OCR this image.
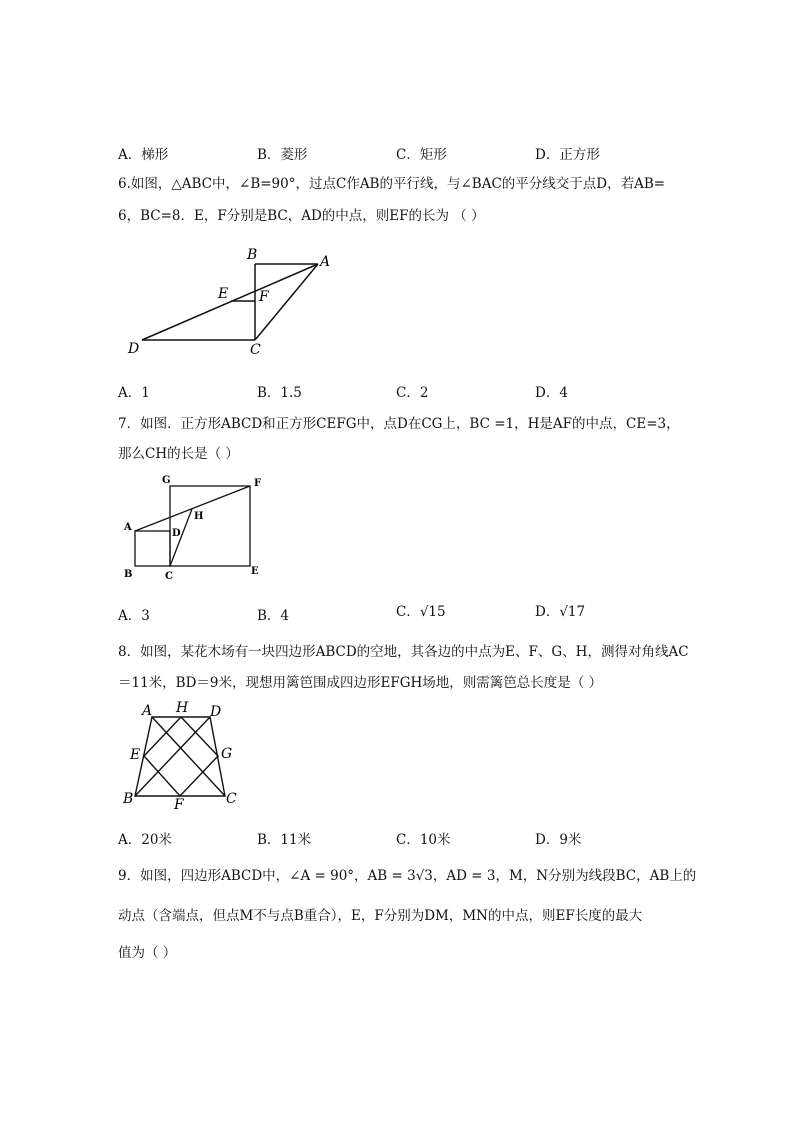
A．梯形	B．菱形	C．矩形	D．正方形
6.如图，△ABC中，∠B=90°，过点C作AB的平行线，与∠BAC的平分线交于点D，若AB=
6，BC=8．E，F分别是BC，AD的中点，则EF的长为 （ ）
B	A
E F
D	C
A．1	B．1.5	C．2	D．4
7．如图．正方形ABCD和正方形CEFG中，点D在CG上，BC =1，H是AF的中点，CE=3，
那么CH的长是（ ）
G	F
A
H
D
B	C	E
A．3	B．4	C．√15	D．√17
8．如图，某花木场有一块四边形ABCD的空地，其各边的中点为E、F、G、H，测得对角线AC
＝11米，BD＝9米，现想用篱笆围成四边形EFGH场地，则需篱笆总长度是（ ）
A H D
E	G
B	F	C
A．20米	B．11米	C．10米	D．9米
9．如图，四边形ABCD中，∠A = 90°，AB = 3√3，AD = 3，M，N分别为线段BC，AB上的
动点（含端点，但点M不与点B重合），E，F分别为DM，MN的中点，则EF长度的最大
值为（ ）
